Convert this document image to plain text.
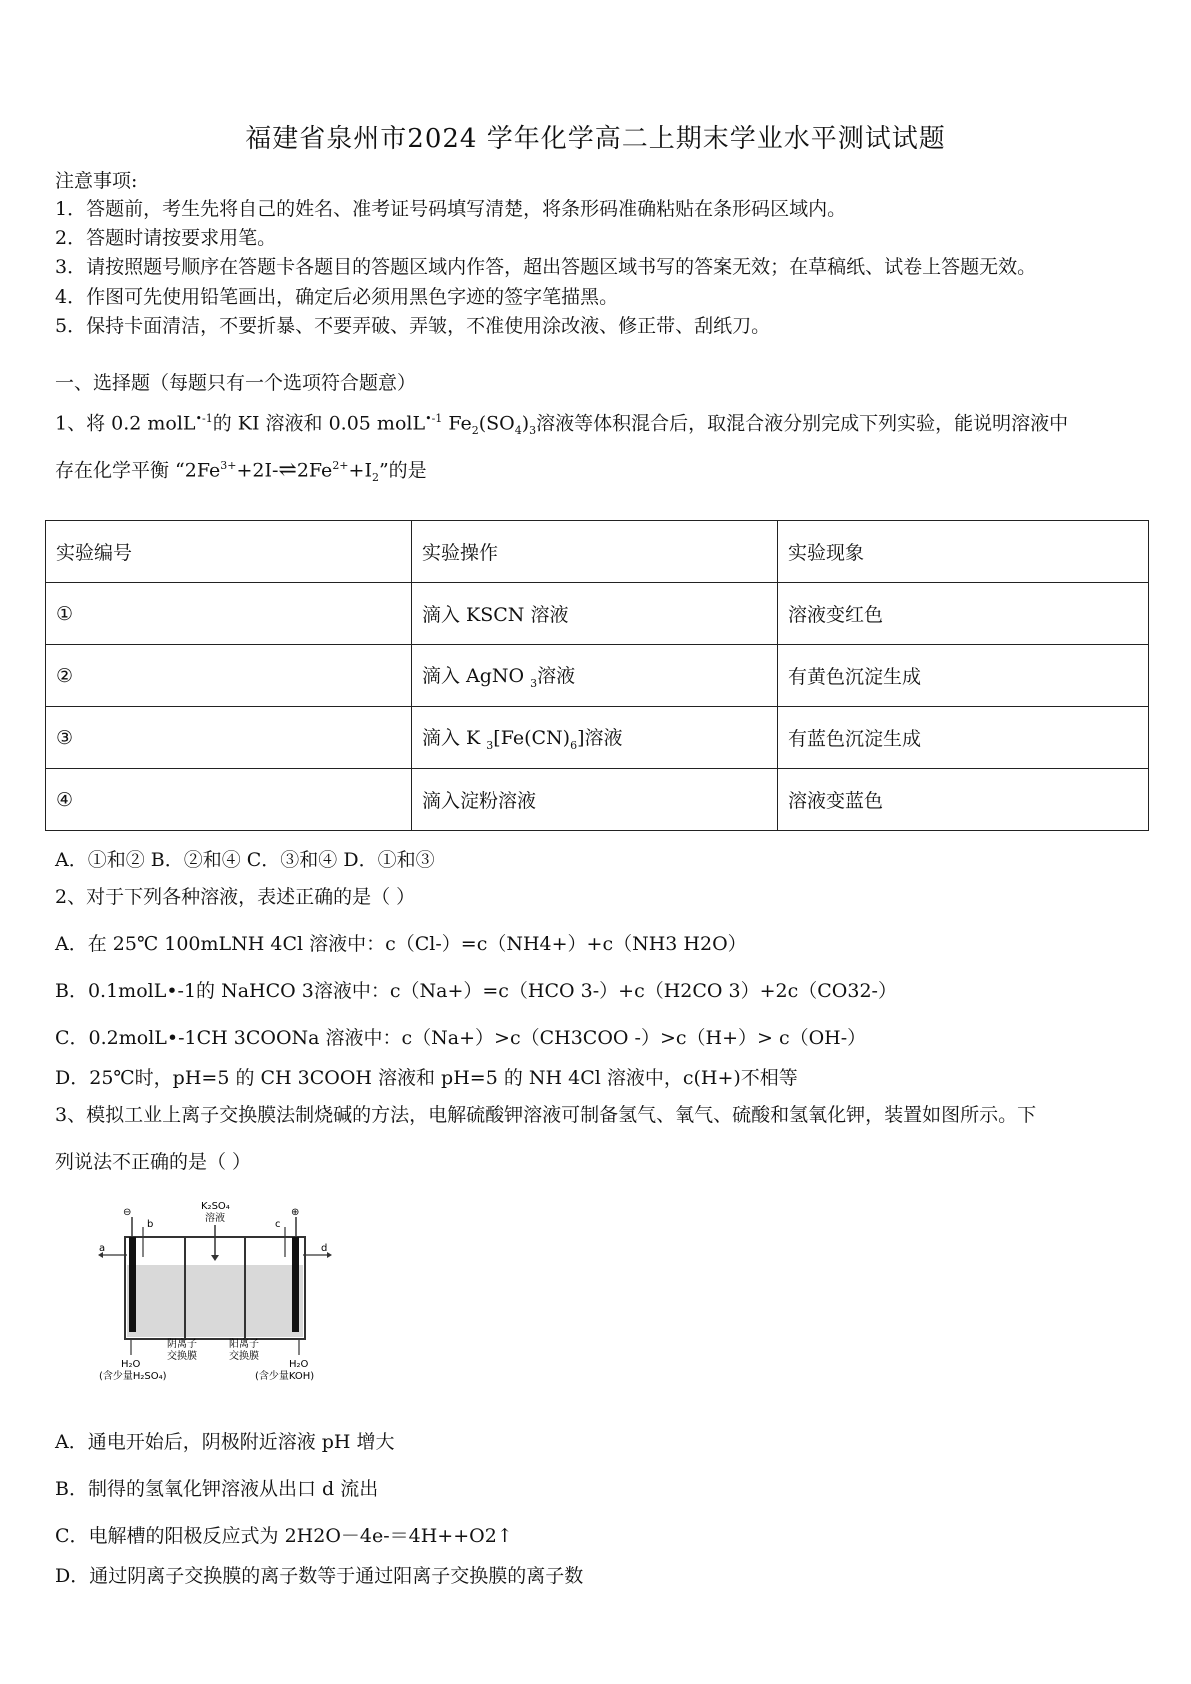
福建省泉州市2024 学年化学高二上期末学业水平测试试题
注意事项:
1．答题前，考生先将自己的姓名、准考证号码填写清楚，将条形码准确粘贴在条形码区域内。
2．答题时请按要求用笔。
3．请按照题号顺序在答题卡各题目的答题区域内作答，超出答题区域书写的答案无效；在草稿纸、试卷上答题无效。
4．作图可先使用铅笔画出，确定后必须用黑色字迹的签字笔描黑。
5．保持卡面清洁，不要折暴、不要弄破、弄皱，不准使用涂改液、修正带、刮纸刀。
一、选择题（每题只有一个选项符合题意）
1、将 0.2 molL$^{•-1}$的 KI 溶液和 0.05 molL$^{•-1}$ $Fe_2(SO_4)_3$溶液等体积混合后，取混合液分别完成下列实验，能说明溶液中
存在化学平衡 “$2Fe^{3+}+2I-\rightleftharpoons 2Fe^{2+}+I_2$”的是
实验编号	实验操作	实验现象
①	滴入 KSCN 溶液	溶液变红色
②	滴入 AgNO $_3$溶液	有黄色沉淀生成
③	滴入 K $_3[Fe(CN)_6]$溶液	有蓝色沉淀生成
④	滴入淀粉溶液	溶液变蓝色
A．①和② B．②和④ C．③和④ D．①和③
2、对于下列各种溶液，表述正确的是（ ）
A．在 25℃ 100mLNH 4Cl 溶液中：c（Cl-）=c（NH4+）+c（NH3 H2O）
B．0.1molL•-1的 NaHCO 3溶液中：c（Na+）=c（HCO 3-）+c（H2CO 3）+2c（CO32-）
C．0.2molL•-1CH 3COONa 溶液中：c（Na+）>c（CH3COO -）>c（H+）> c（OH-）
D．25℃时，pH=5 的 CH 3COOH 溶液和 pH=5 的 NH 4Cl 溶液中，c(H+)不相等
3、模拟工业上离子交换膜法制烧碱的方法，电解硫酸钾溶液可制备氢气、氧气、硫酸和氢氧化钾，装置如图所示。下
列说法不正确的是（ ）
⊖	⊕
K₂SO₄
溶液
a
b	c
d
阴离子
交换膜
阳离子
交换膜
H₂O
(含少量H₂SO₄)
H₂O
(含少量KOH)
A．通电开始后，阴极附近溶液 pH 增大
B．制得的氢氧化钾溶液从出口 d 流出
C．电解槽的阳极反应式为 2H2O－4e-＝4H++O2↑
D．通过阴离子交换膜的离子数等于通过阳离子交换膜的离子数
